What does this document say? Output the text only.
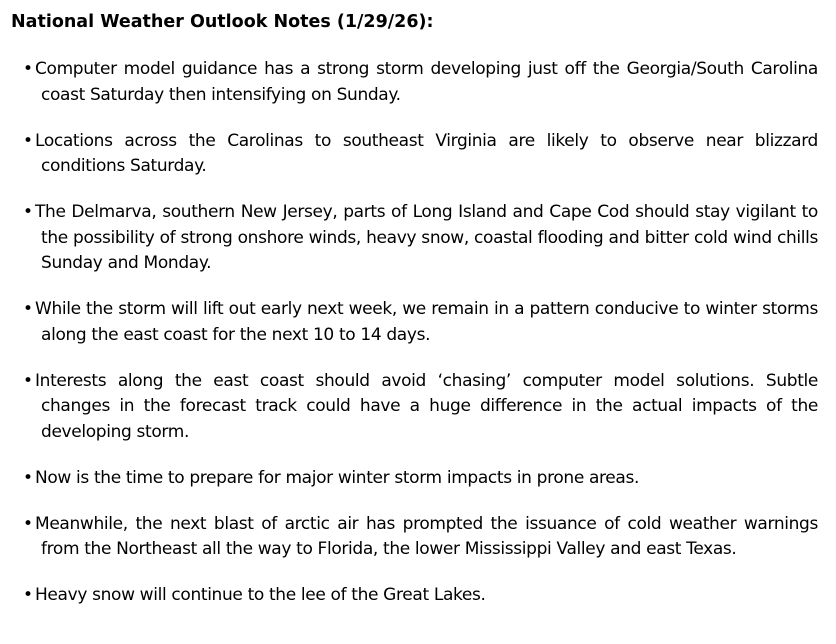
National Weather Outlook Notes (1/29/26):
• Computer model guidance has a strong storm developing just off the Georgia/South Carolina coast Saturday then intensifying on Sunday.
• Locations across the Carolinas to southeast Virginia are likely to observe near blizzard conditions Saturday.
• The Delmarva, southern New Jersey, parts of Long Island and Cape Cod should stay vigilant to the possibility of strong onshore winds, heavy snow, coastal flooding and bitter cold wind chills Sunday and Monday.
• While the storm will lift out early next week, we remain in a pattern conducive to winter storms along the east coast for the next 10 to 14 days.
• Interests along the east coast should avoid ‘chasing’ computer model solutions. Subtle changes in the forecast track could have a huge difference in the actual impacts of the developing storm.
• Now is the time to prepare for major winter storm impacts in prone areas.
• Meanwhile, the next blast of arctic air has prompted the issuance of cold weather warnings from the Northeast all the way to Florida, the lower Mississippi Valley and east Texas.
• Heavy snow will continue to the lee of the Great Lakes.
